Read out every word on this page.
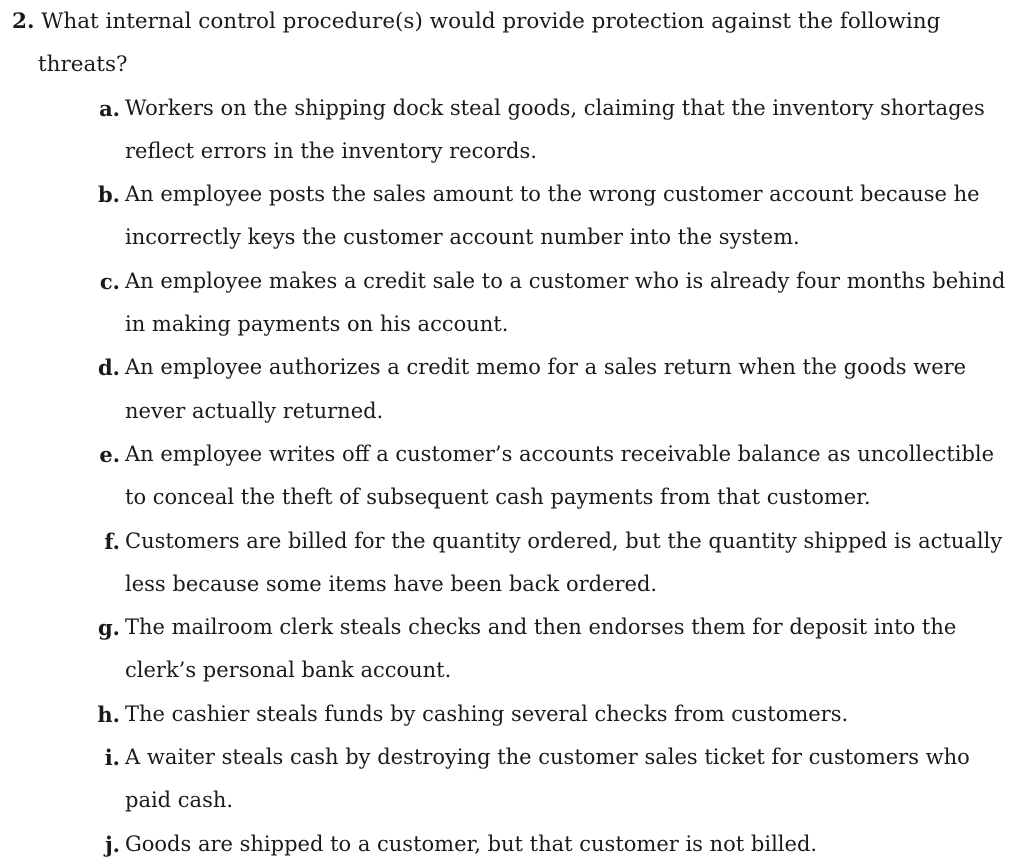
2. What internal control procedure(s) would provide protection against the following

threats?

a. Workers on the shipping dock steal goods, claiming that the inventory shortages

reflect errors in the inventory records.

b. An employee posts the sales amount to the wrong customer account because he

incorrectly keys the customer account number into the system.

c. An employee makes a credit sale to a customer who is already four months behind

in making payments on his account.

d. An employee authorizes a credit memo for a sales return when the goods were

never actually returned.

e. An employee writes off a customer’s accounts receivable balance as uncollectible

to conceal the theft of subsequent cash payments from that customer.

f. Customers are billed for the quantity ordered, but the quantity shipped is actually

less because some items have been back ordered.

g. The mailroom clerk steals checks and then endorses them for deposit into the

clerk’s personal bank account.

h. The cashier steals funds by cashing several checks from customers.

i. A waiter steals cash by destroying the customer sales ticket for customers who

paid cash.

j. Goods are shipped to a customer, but that customer is not billed.
